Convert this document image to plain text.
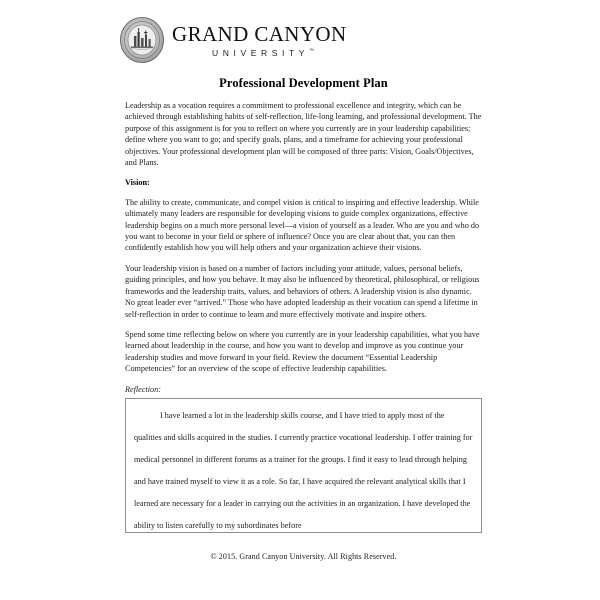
GRAND CANYON
UNIVERSITY™
Professional Development Plan

Leadership as a vocation requires a commitment to professional excellence and integrity, which can be achieved through establishing habits of self-reflection, life-long learning, and professional development. The purpose of this assignment is for you to reflect on where you currently are in your leadership capabilities; define where you want to go; and specify goals, plans, and a timeframe for achieving your professional objectives. Your professional development plan will be composed of three parts: Vision, Goals/Objectives, and Plans.

Vision:

The ability to create, communicate, and compel vision is critical to inspiring and effective leadership. While ultimately many leaders are responsible for developing visions to guide complex organizations, effective leadership begins on a much more personal level—a vision of yourself as a leader. Who are you and who do you want to become in your field or sphere of influence? Once you are clear about that, you can then confidently establish how you will help others and your organization achieve their visions.

Your leadership vision is based on a number of factors including your attitude, values, personal beliefs, guiding principles, and how you behave. It may also be influenced by theoretical, philosophical, or religious frameworks and the leadership traits, values, and behaviors of others. A leadership vision is also dynamic. No great leader ever “arrived.” Those who have adopted leadership as their vocation can spend a lifetime in self-reflection in order to continue to learn and more effectively motivate and inspire others.

Spend some time reflecting below on where you currently are in your leadership capabilities, what you have learned about leadership in the course, and how you want to develop and improve as you continue your leadership studies and move forward in your field. Review the document “Essential Leadership Competencies” for an overview of the scope of effective leadership capabilities.

Reflection:

I have learned a lot in the leadership skills course, and I have tried to apply most of the qualities and skills acquired in the studies. I currently practice vocational leadership. I offer training for medical personnel in different forums as a trainer for the groups. I find it easy to lead through helping and have trained myself to view it as a role. So far, I have acquired the relevant analytical skills that I learned are necessary for a leader in carrying out the activities in an organization. I have developed the ability to listen carefully to my subordinates before

© 2015. Grand Canyon University. All Rights Reserved.
